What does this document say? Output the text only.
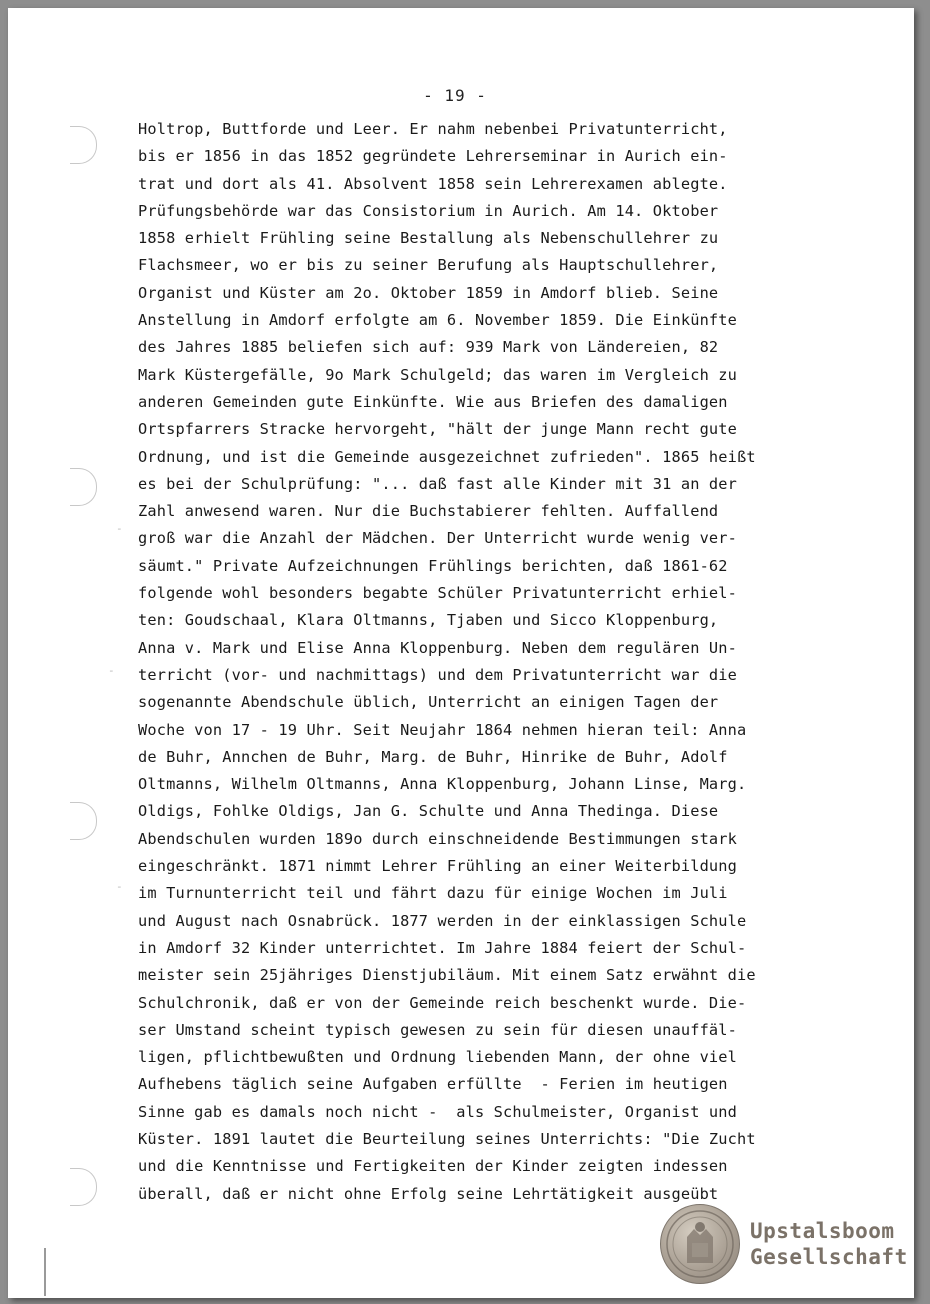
-
-
-
- 19 -
Holtrop, Buttforde und Leer. Er nahm nebenbei Privatunterricht,
bis er 1856 in das 1852 gegründete Lehrerseminar in Aurich ein-
trat und dort als 41. Absolvent 1858 sein Lehrerexamen ablegte.
Prüfungsbehörde war das Consistorium in Aurich. Am 14. Oktober
1858 erhielt Frühling seine Bestallung als Nebenschullehrer zu
Flachsmeer, wo er bis zu seiner Berufung als Hauptschullehrer,
Organist und Küster am 2o. Oktober 1859 in Amdorf blieb. Seine
Anstellung in Amdorf erfolgte am 6. November 1859. Die Einkünfte
des Jahres 1885 beliefen sich auf: 939 Mark von Ländereien, 82
Mark Küstergefälle, 9o Mark Schulgeld; das waren im Vergleich zu
anderen Gemeinden gute Einkünfte. Wie aus Briefen des damaligen
Ortspfarrers Stracke hervorgeht, "hält der junge Mann recht gute
Ordnung, und ist die Gemeinde ausgezeichnet zufrieden". 1865 heißt
es bei der Schulprüfung: "... daß fast alle Kinder mit 31 an der
Zahl anwesend waren. Nur die Buchstabierer fehlten. Auffallend
groß war die Anzahl der Mädchen. Der Unterricht wurde wenig ver-
säumt." Private Aufzeichnungen Frühlings berichten, daß 1861-62
folgende wohl besonders begabte Schüler Privatunterricht erhiel-
ten: Goudschaal, Klara Oltmanns, Tjaben und Sicco Kloppenburg,
Anna v. Mark und Elise Anna Kloppenburg. Neben dem regulären Un-
terricht (vor- und nachmittags) und dem Privatunterricht war die
sogenannte Abendschule üblich, Unterricht an einigen Tagen der
Woche von 17 - 19 Uhr. Seit Neujahr 1864 nehmen hieran teil: Anna
de Buhr, Annchen de Buhr, Marg. de Buhr, Hinrike de Buhr, Adolf
Oltmanns, Wilhelm Oltmanns, Anna Kloppenburg, Johann Linse, Marg.
Oldigs, Fohlke Oldigs, Jan G. Schulte und Anna Thedinga. Diese
Abendschulen wurden 189o durch einschneidende Bestimmungen stark
eingeschränkt. 1871 nimmt Lehrer Frühling an einer Weiterbildung
im Turnunterricht teil und fährt dazu für einige Wochen im Juli
und August nach Osnabrück. 1877 werden in der einklassigen Schule
in Amdorf 32 Kinder unterrichtet. Im Jahre 1884 feiert der Schul-
meister sein 25jähriges Dienstjubiläum. Mit einem Satz erwähnt die
Schulchronik, daß er von der Gemeinde reich beschenkt wurde. Die-
ser Umstand scheint typisch gewesen zu sein für diesen unauffäl-
ligen, pflichtbewußten und Ordnung liebenden Mann, der ohne viel
Aufhebens täglich seine Aufgaben erfüllte  - Ferien im heutigen
Sinne gab es damals noch nicht -  als Schulmeister, Organist und
Küster. 1891 lautet die Beurteilung seines Unterrichts: "Die Zucht
und die Kenntnisse und Fertigkeiten der Kinder zeigten indessen
überall, daß er nicht ohne Erfolg seine Lehrtätigkeit ausgeübt
Upstalsboom
Gesellschaft
